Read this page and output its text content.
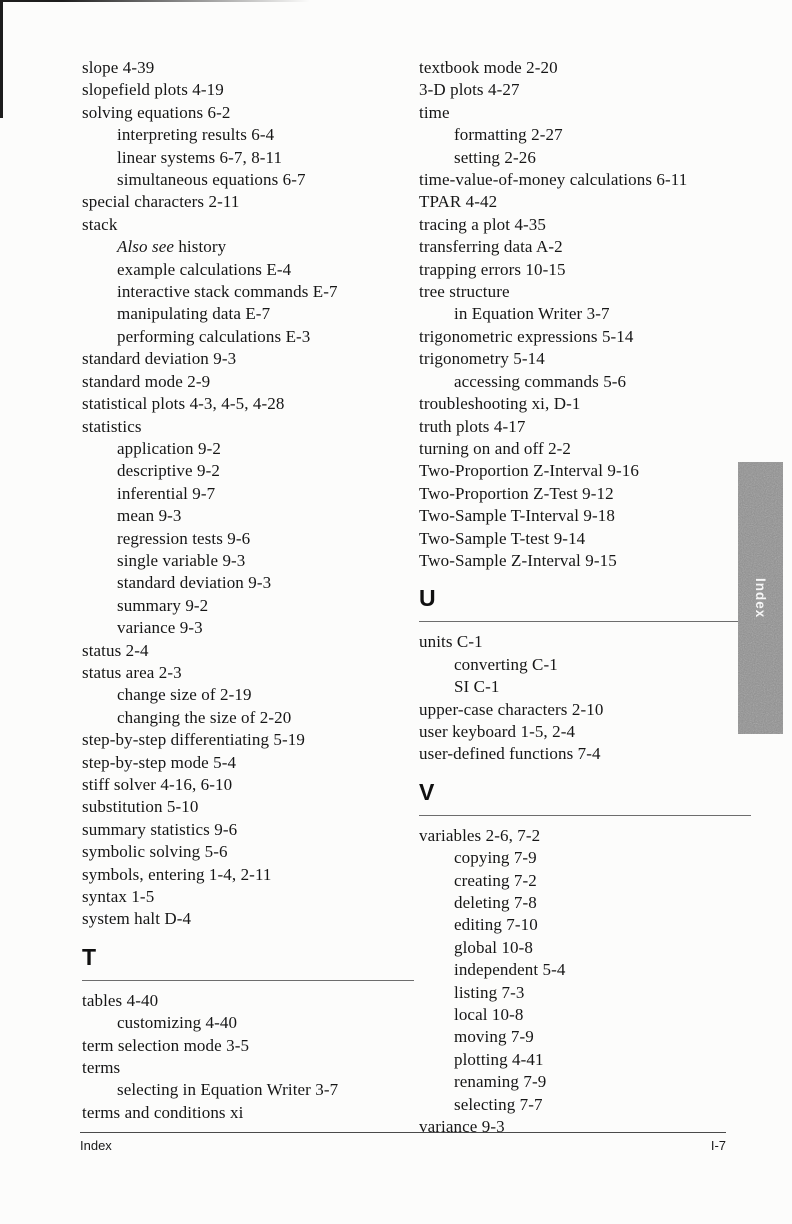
slope 4-39
slopefield plots 4-19
solving equations 6-2
interpreting results 6-4
linear systems 6-7, 8-11
simultaneous equations 6-7
special characters 2-11
stack
Also see history
example calculations E-4
interactive stack commands E-7
manipulating data E-7
performing calculations E-3
standard deviation 9-3
standard mode 2-9
statistical plots 4-3, 4-5, 4-28
statistics
application 9-2
descriptive 9-2
inferential 9-7
mean 9-3
regression tests 9-6
single variable 9-3
standard deviation 9-3
summary 9-2
variance 9-3
status 2-4
status area 2-3
change size of 2-19
changing the size of 2-20
step-by-step differentiating 5-19
step-by-step mode 5-4
stiff solver 4-16, 6-10
substitution 5-10
summary statistics 9-6
symbolic solving 5-6
symbols, entering 1-4, 2-11
syntax 1-5
system halt D-4
T
tables 4-40
customizing 4-40
term selection mode 3-5
terms
selecting in Equation Writer 3-7
terms and conditions xi
textbook mode 2-20
3-D plots 4-27
time
formatting 2-27
setting 2-26
time-value-of-money calculations 6-11
TPAR 4-42
tracing a plot 4-35
transferring data A-2
trapping errors 10-15
tree structure
in Equation Writer 3-7
trigonometric expressions 5-14
trigonometry 5-14
accessing commands 5-6
troubleshooting xi, D-1
truth plots 4-17
turning on and off 2-2
Two-Proportion Z-Interval 9-16
Two-Proportion Z-Test 9-12
Two-Sample T-Interval 9-18
Two-Sample T-test 9-14
Two-Sample Z-Interval 9-15
U
units C-1
converting C-1
SI C-1
upper-case characters 2-10
user keyboard 1-5, 2-4
user-defined functions 7-4
V
variables 2-6, 7-2
copying 7-9
creating 7-2
deleting 7-8
editing 7-10
global 10-8
independent 5-4
listing 7-3
local 10-8
moving 7-9
plotting 4-41
renaming 7-9
selecting 7-7
variance 9-3
Index
Index	I-7
